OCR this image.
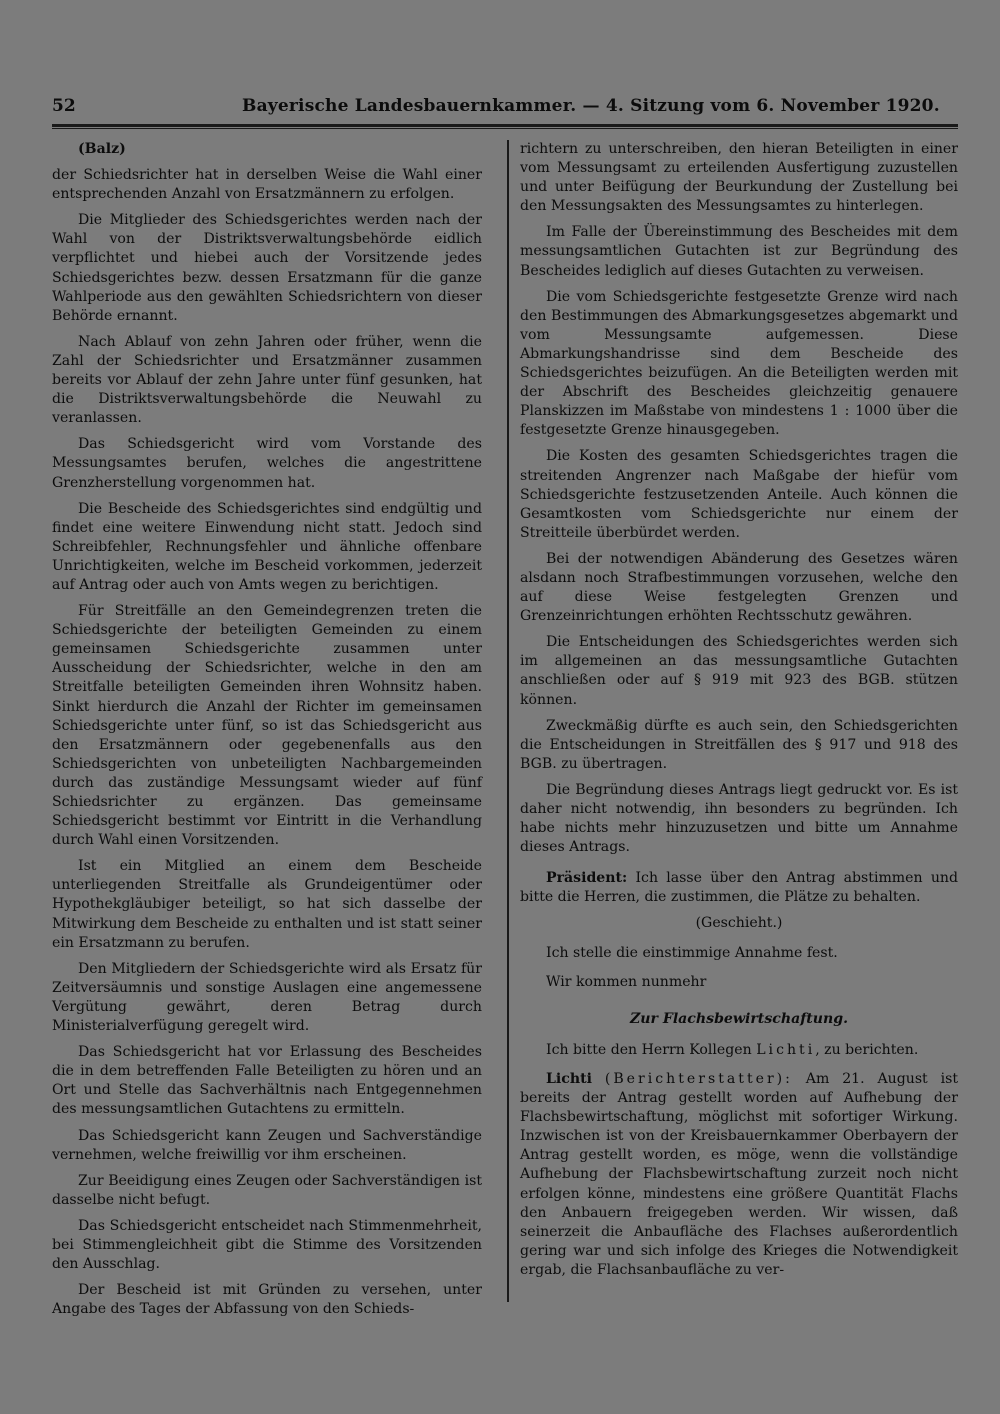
52	Bayerische Landesbauernkammer. — 4. Sitzung vom 6. November 1920.

(Balz)

der Schiedsrichter hat in derselben Weise die Wahl einer entsprechenden Anzahl von Ersatzmännern zu erfolgen.

Die Mitglieder des Schiedsgerichtes werden nach der Wahl von der Distriktsverwaltungsbehörde eidlich verpflichtet und hiebei auch der Vorsitzende jedes Schiedsgerichtes bezw. dessen Ersatzmann für die ganze Wahlperiode aus den gewählten Schiedsrichtern von dieser Behörde ernannt.

Nach Ablauf von zehn Jahren oder früher, wenn die Zahl der Schiedsrichter und Ersatzmänner zusammen bereits vor Ablauf der zehn Jahre unter fünf gesunken, hat die Distriktsverwaltungsbehörde die Neuwahl zu veranlassen.

Das Schiedsgericht wird vom Vorstande des Messungsamtes berufen, welches die angestrittene Grenzherstellung vorgenommen hat.

Die Bescheide des Schiedsgerichtes sind endgültig und findet eine weitere Einwendung nicht statt. Jedoch sind Schreibfehler, Rechnungsfehler und ähnliche offenbare Unrichtigkeiten, welche im Bescheid vorkommen, jederzeit auf Antrag oder auch von Amts wegen zu berichtigen.

Für Streitfälle an den Gemeindegrenzen treten die Schiedsgerichte der beteiligten Gemeinden zu einem gemeinsamen Schiedsgerichte zusammen unter Ausscheidung der Schiedsrichter, welche in den am Streitfalle beteiligten Gemeinden ihren Wohnsitz haben. Sinkt hierdurch die Anzahl der Richter im gemeinsamen Schiedsgerichte unter fünf, so ist das Schiedsgericht aus den Ersatzmännern oder gegebenenfalls aus den Schiedsgerichten von unbeteiligten Nachbargemeinden durch das zuständige Messungsamt wieder auf fünf Schiedsrichter zu ergänzen. Das gemeinsame Schiedsgericht bestimmt vor Eintritt in die Verhandlung durch Wahl einen Vorsitzenden.

Ist ein Mitglied an einem dem Bescheide unterliegenden Streitfalle als Grundeigentümer oder Hypothekgläubiger beteiligt, so hat sich dasselbe der Mitwirkung dem Bescheide zu enthalten und ist statt seiner ein Ersatzmann zu berufen.

Den Mitgliedern der Schiedsgerichte wird als Ersatz für Zeitversäumnis und sonstige Auslagen eine angemessene Vergütung gewährt, deren Betrag durch Ministerialverfügung geregelt wird.

Das Schiedsgericht hat vor Erlassung des Bescheides die in dem betreffenden Falle Beteiligten zu hören und an Ort und Stelle das Sachverhältnis nach Entgegennehmen des messungsamtlichen Gutachtens zu ermitteln.

Das Schiedsgericht kann Zeugen und Sachverständige vernehmen, welche freiwillig vor ihm erscheinen.

Zur Beeidigung eines Zeugen oder Sachverständigen ist dasselbe nicht befugt.

Das Schiedsgericht entscheidet nach Stimmenmehrheit, bei Stimmengleichheit gibt die Stimme des Vorsitzenden den Ausschlag.

Der Bescheid ist mit Gründen zu versehen, unter Angabe des Tages der Abfassung von den Schieds-

richtern zu unterschreiben, den hieran Beteiligten in einer vom Messungsamt zu erteilenden Ausfertigung zuzustellen und unter Beifügung der Beurkundung der Zustellung bei den Messungsakten des Messungsamtes zu hinterlegen.

Im Falle der Übereinstimmung des Bescheides mit dem messungsamtlichen Gutachten ist zur Begründung des Bescheides lediglich auf dieses Gutachten zu verweisen.

Die vom Schiedsgerichte festgesetzte Grenze wird nach den Bestimmungen des Abmarkungsgesetzes abgemarkt und vom Messungsamte aufgemessen. Diese Abmarkungshandrisse sind dem Bescheide des Schiedsgerichtes beizufügen. An die Beteiligten werden mit der Abschrift des Bescheides gleichzeitig genauere Planskizzen im Maßstabe von mindestens 1 : 1000 über die festgesetzte Grenze hinausgegeben.

Die Kosten des gesamten Schiedsgerichtes tragen die streitenden Angrenzer nach Maßgabe der hiefür vom Schiedsgerichte festzusetzenden Anteile. Auch können die Gesamtkosten vom Schiedsgerichte nur einem der Streitteile überbürdet werden.

Bei der notwendigen Abänderung des Gesetzes wären alsdann noch Strafbestimmungen vorzusehen, welche den auf diese Weise festgelegten Grenzen und Grenzeinrichtungen erhöhten Rechtsschutz gewähren.

Die Entscheidungen des Schiedsgerichtes werden sich im allgemeinen an das messungsamtliche Gutachten anschließen oder auf § 919 mit 923 des BGB. stützen können.

Zweckmäßig dürfte es auch sein, den Schiedsgerichten die Entscheidungen in Streitfällen des § 917 und 918 des BGB. zu übertragen.

Die Begründung dieses Antrags liegt gedruckt vor. Es ist daher nicht notwendig, ihn besonders zu begründen. Ich habe nichts mehr hinzuzusetzen und bitte um Annahme dieses Antrags.

Präsident: Ich lasse über den Antrag abstimmen und bitte die Herren, die zustimmen, die Plätze zu behalten.

(Geschieht.)

Ich stelle die einstimmige Annahme fest.

Wir kommen nunmehr

Zur Flachsbewirtschaftung.

Ich bitte den Herrn Kollegen Lichti, zu berichten.

Lichti (Berichterstatter): Am 21. August ist bereits der Antrag gestellt worden auf Aufhebung der Flachsbewirtschaftung, möglichst mit sofortiger Wirkung. Inzwischen ist von der Kreisbauernkammer Oberbayern der Antrag gestellt worden, es möge, wenn die vollständige Aufhebung der Flachsbewirtschaftung zurzeit noch nicht erfolgen könne, mindestens eine größere Quantität Flachs den Anbauern freigegeben werden. Wir wissen, daß seinerzeit die Anbaufläche des Flachses außerordentlich gering war und sich infolge des Krieges die Notwendigkeit ergab, die Flachsanbaufläche zu ver-
